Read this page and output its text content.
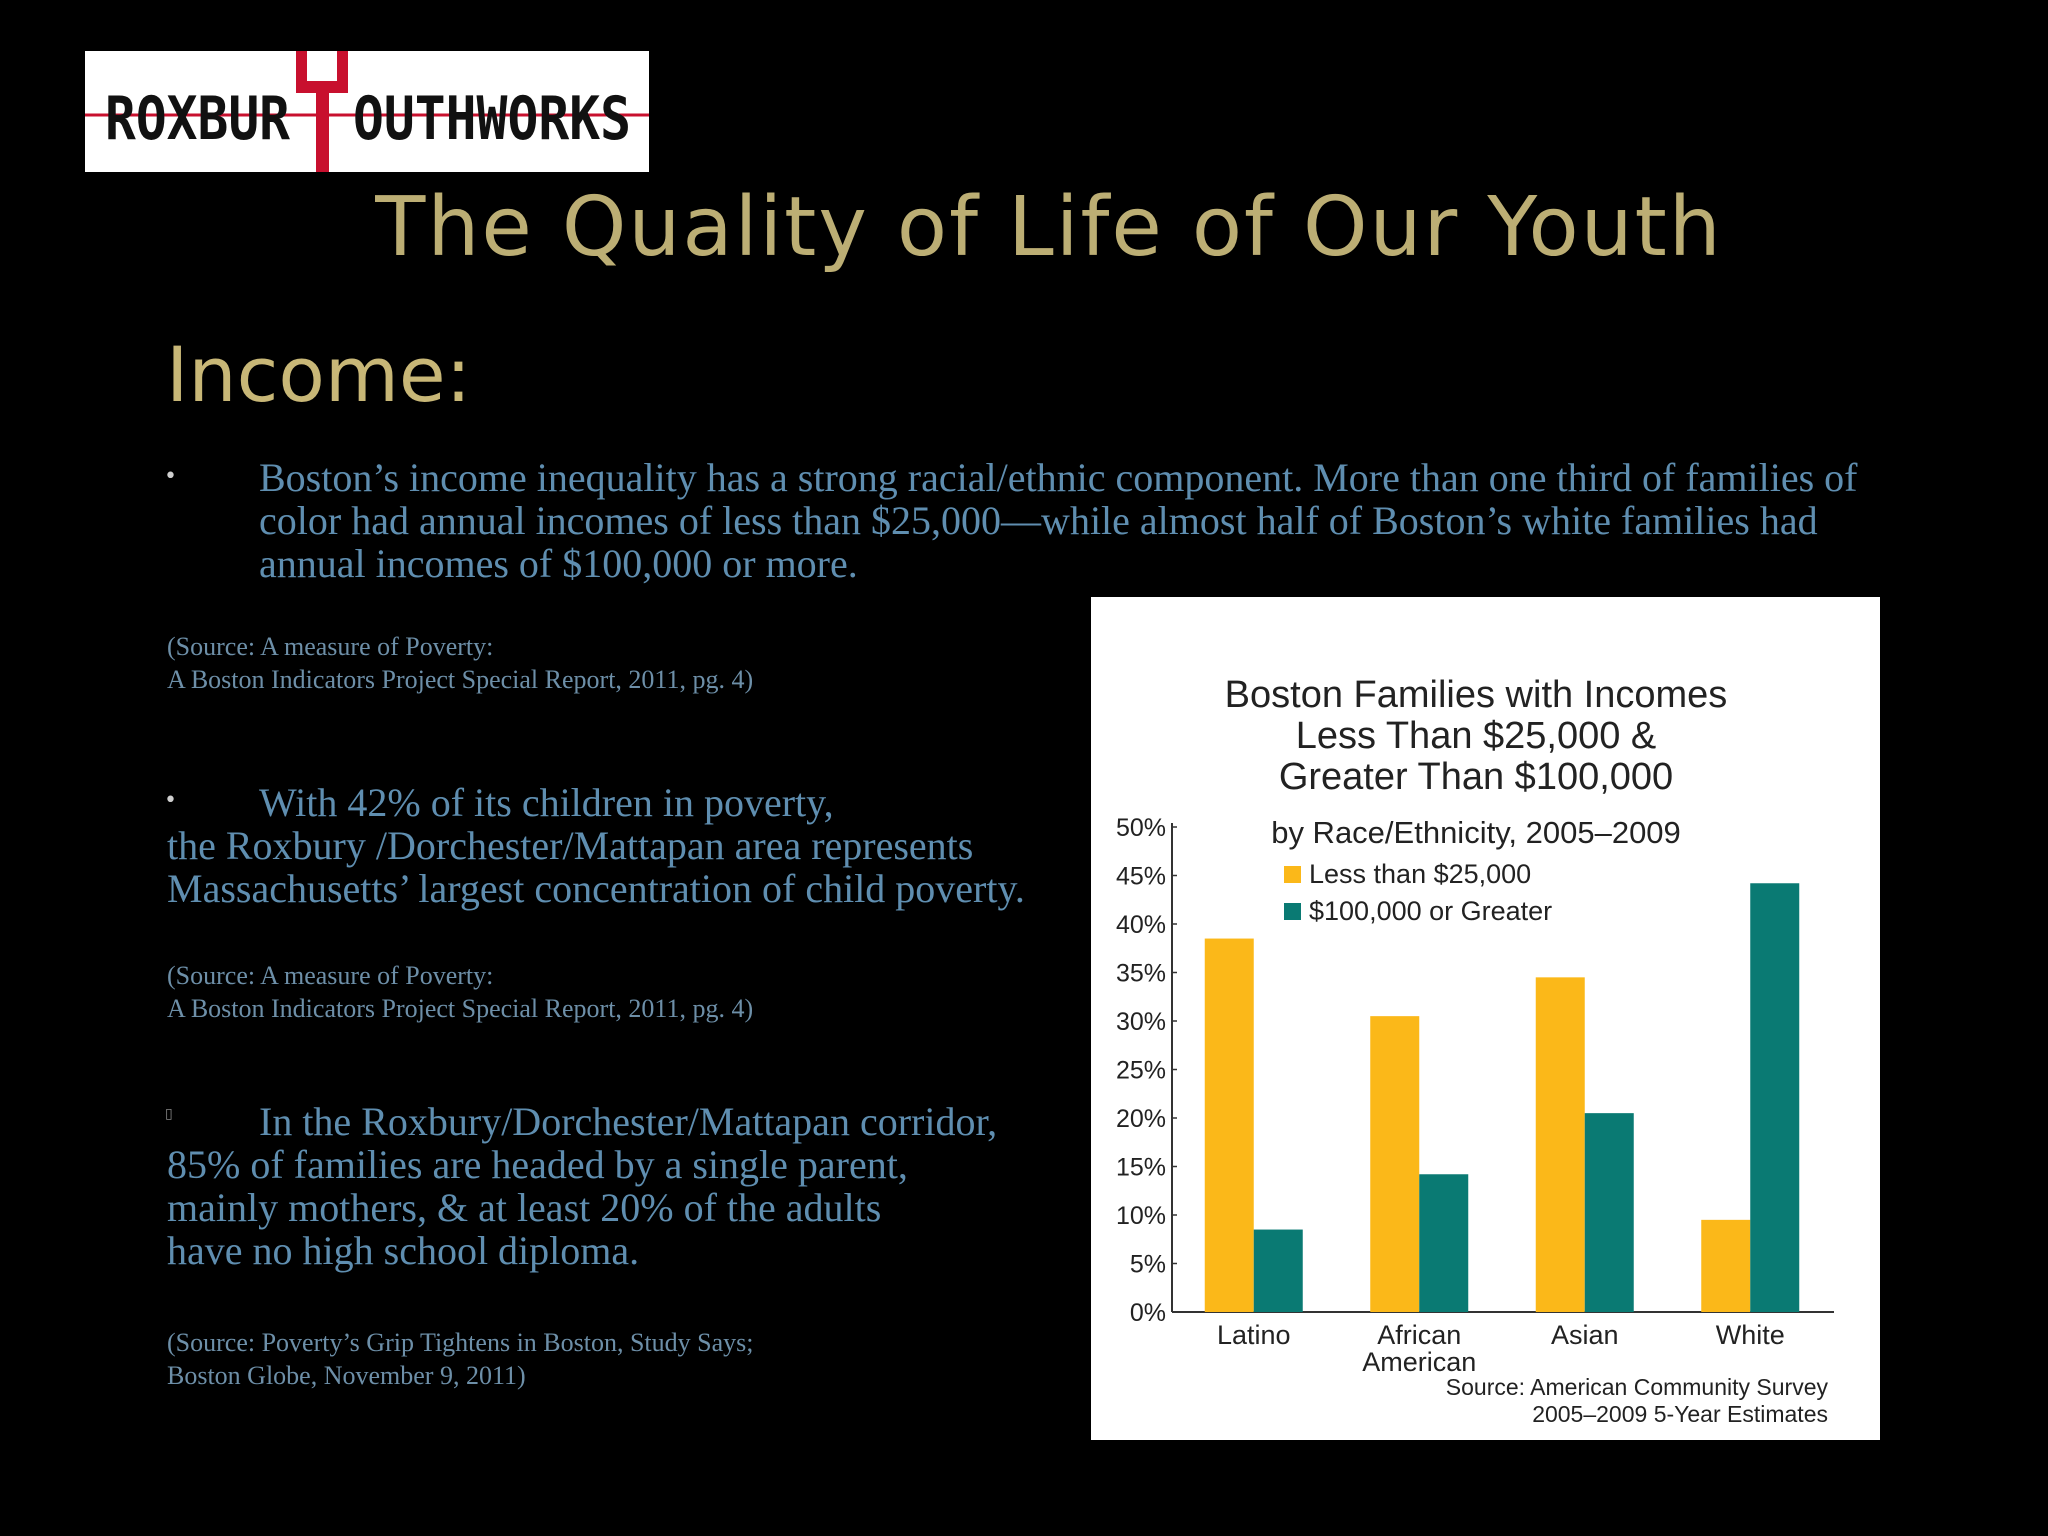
ROXBUR OUTHWORKS
The Quality of Life of Our Youth
Income:
• Boston’s income inequality has a strong racial/ethnic component. More than one third of families of
color had annual incomes of less than $25,000—while almost half of Boston’s white families had
annual incomes of $100,000 or more.
(Source: A measure of Poverty:
A Boston Indicators Project Special Report, 2011, pg. 4)
• With 42% of its children in poverty,
the Roxbury /Dorchester/Mattapan area represents
Massachusetts’ largest concentration of child poverty.
(Source: A measure of Poverty:
A Boston Indicators Project Special Report, 2011, pg. 4)
▯ In the Roxbury/Dorchester/Mattapan corridor,
85% of families are headed by a single parent,
mainly mothers, & at least 20% of the adults
have no high school diploma.
(Source: Poverty’s Grip Tightens in Boston, Study Says;
Boston Globe, November 9, 2011)
Boston Families with Incomes
Less Than $25,000 &
Greater Than $100,000
by Race/Ethnicity, 2005–2009
0%
5%
10%
15%
20%
25%
30%
35%
40%
45%
50%
Latino	African
American
Asian	White
Less than $25,000
$100,000 or Greater
Source: American Community Survey
2005–2009 5-Year Estimates
